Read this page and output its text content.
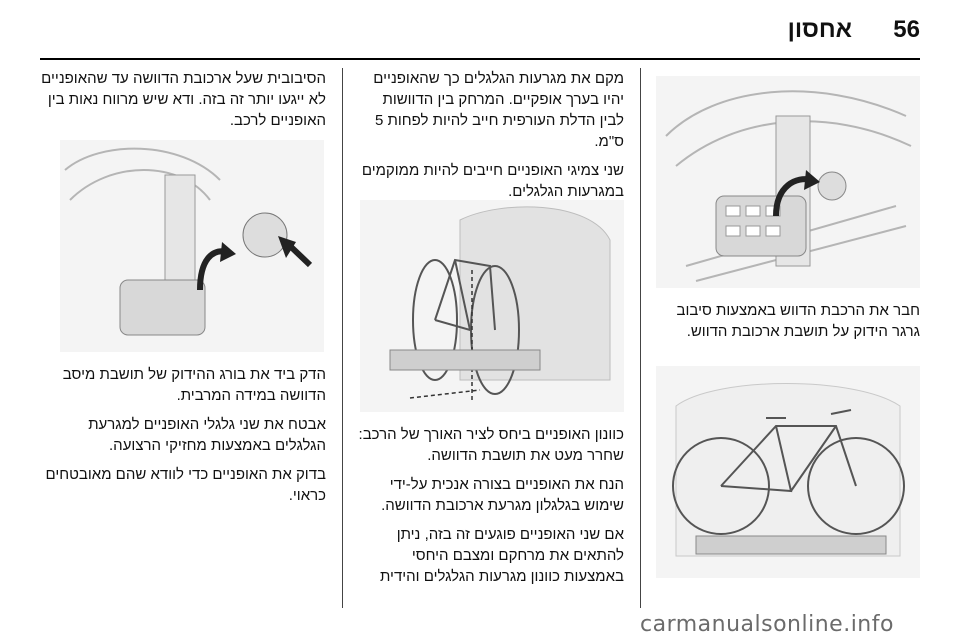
56
אחסון

חבר את הרכבת הדווש באמצעות סיבוב גרגר הידוק על תושבת ארכובת הדווש.

מקם את מגרעות הגלגלים כך שהאופניים יהיו בערך אופקיים. המרחק בין הדוושות לבין הדלת העורפית חייב להיות לפחות 5 ס"מ.

שני צמיגי האופניים חייבים להיות ממוקמים במגרעות הגלגלים.

כוונון האופניים ביחס לציר האורך של הרכב: שחרר מעט את תושבת הדוושה.

הנח את האופניים בצורה אנכית על-ידי שימוש בגלגלון מגרעת ארכובת הדוושה.

אם שני האופניים פוגעים זה בזה, ניתן להתאים את מרחקם ומצבם היחסי באמצעות כוונון מגרעות הגלגלים והידית

הסיבובית שעל ארכובת הדוושה עד שהאופניים לא ייגעו יותר זה בזה. ודא שיש מרווח נאות בין האופניים לרכב.

הדק ביד את בורג ההידוק של תושבת מיסב הדוושה במידה המרבית.

אבטח את שני גלגלי האופניים למגרעת הגלגלים באמצעות מחזיקי הרצועה.

בדוק את האופניים כדי לוודא שהם מאובטחים כראוי.

carmanualsonline.info
